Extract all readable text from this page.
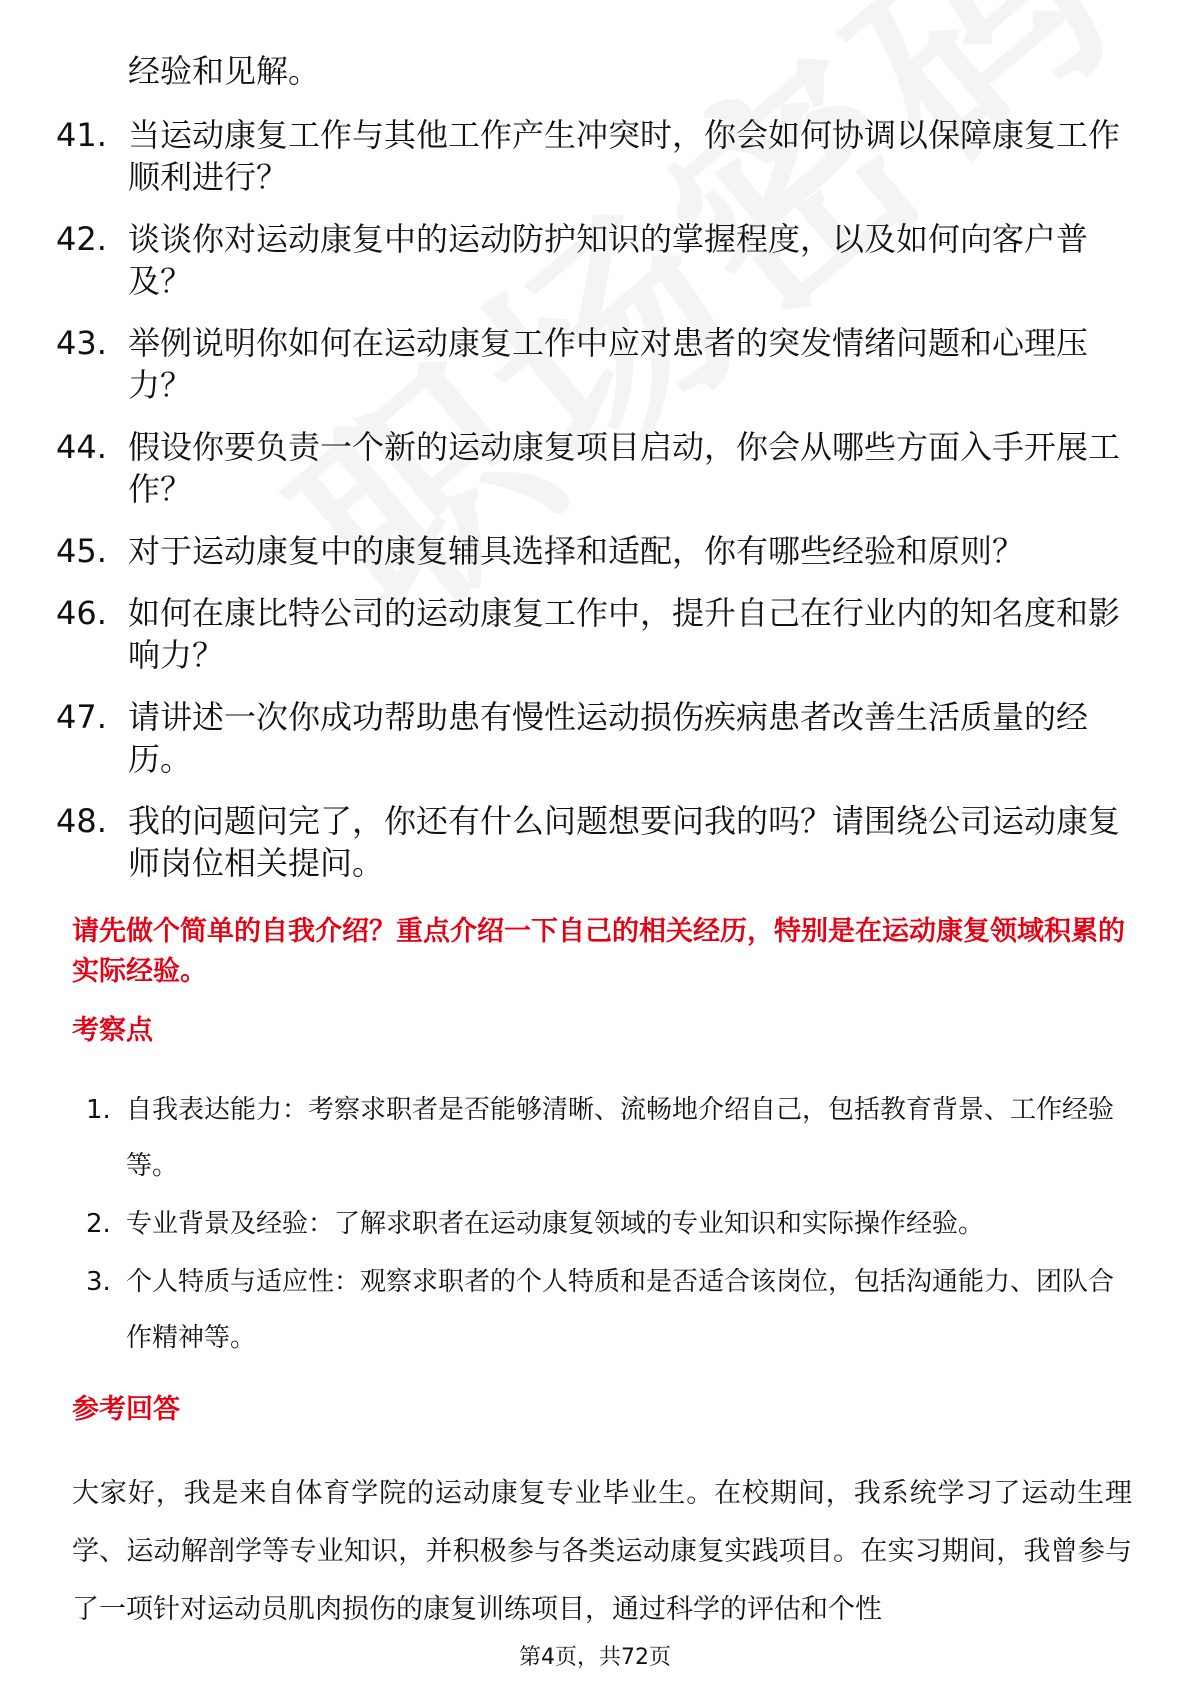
经验和见解。
41. 当运动康复工作与其他工作产生冲突时，你会如何协调以保障康复工作顺利进行？
42. 谈谈你对运动康复中的运动防护知识的掌握程度，以及如何向客户普及？
43. 举例说明你如何在运动康复工作中应对患者的突发情绪问题和心理压力？
44. 假设你要负责一个新的运动康复项目启动，你会从哪些方面入手开展工作？
45. 对于运动康复中的康复辅具选择和适配，你有哪些经验和原则？
46. 如何在康比特公司的运动康复工作中，提升自己在行业内的知名度和影响力？
47. 请讲述一次你成功帮助患有慢性运动损伤疾病患者改善生活质量的经历。
48. 我的问题问完了，你还有什么问题想要问我的吗？请围绕公司运动康复师岗位相关提问。
请先做个简单的自我介绍？重点介绍一下自己的相关经历，特别是在运动康复领域积累的实际经验。
考察点
1. 自我表达能力：考察求职者是否能够清晰、流畅地介绍自己，包括教育背景、工作经验等。
2. 专业背景及经验：了解求职者在运动康复领域的专业知识和实际操作经验。
3. 个人特质与适应性：观察求职者的个人特质和是否适合该岗位，包括沟通能力、团队合作精神等。
参考回答
大家好，我是来自体育学院的运动康复专业毕业生。在校期间，我系统学习了运动生理学、运动解剖学等专业知识，并积极参与各类运动康复实践项目。在实习期间，我曾参与了一项针对运动员肌肉损伤的康复训练项目，通过科学的评估和个性
第4页，共72页
